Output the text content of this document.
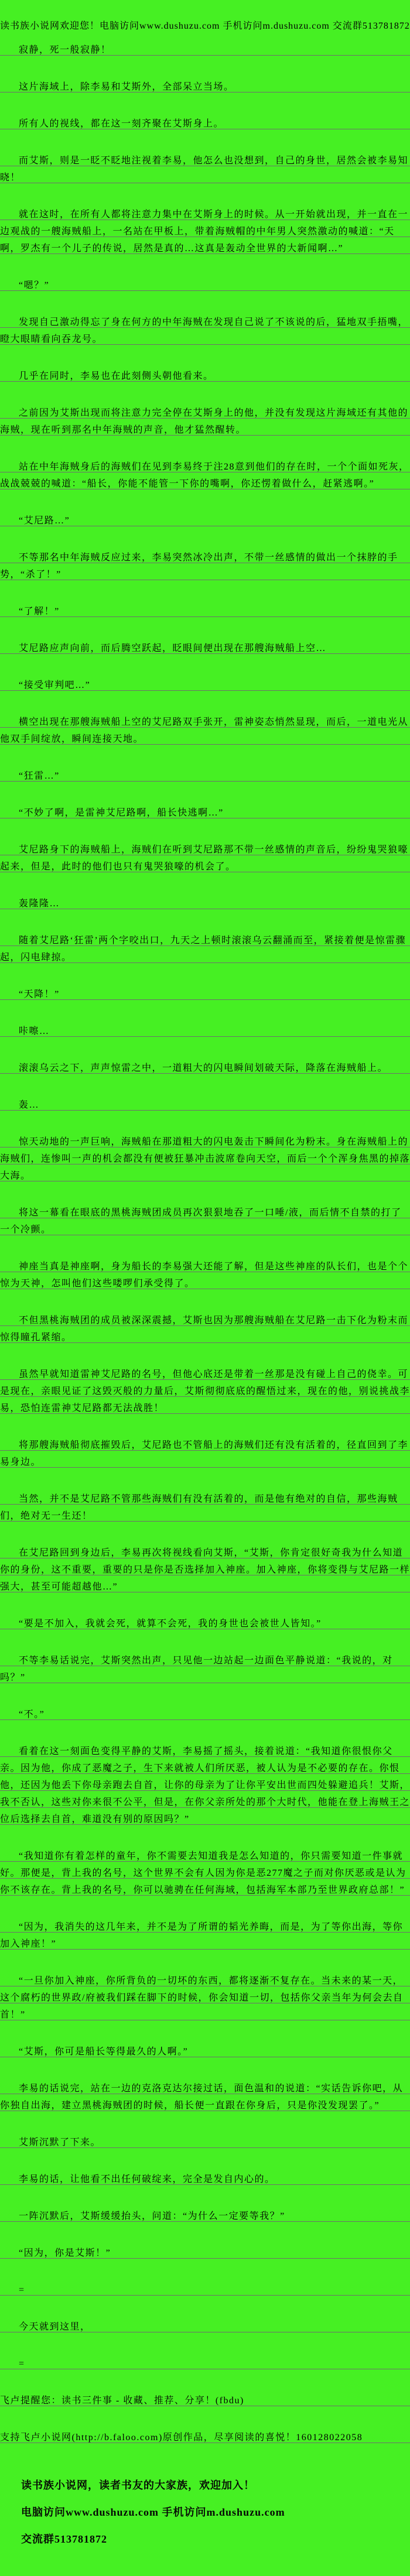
读书族小说网欢迎您！电脑访问www.dushuzu.com 手机访问m.dushuzu.com 交流群513781872

寂静，死一般寂静！

这片海域上，除李易和艾斯外，全部呆立当场。

所有人的视线，都在这一刻齐聚在艾斯身上。

而艾斯，则是一眨不眨地注视着李易，他怎么也没想到，自己的身世，居然会被李易知晓！

就在这时，在所有人都将注意力集中在艾斯身上的时候。从一开始就出现，并一直在一边观战的一艘海贼船上，一名站在甲板上，带着海贼帽的中年男人突然激动的喊道：“天啊，罗杰有一个儿子的传说，居然是真的…这真是轰动全世界的大新闻啊…”

“嗯？”

发现自己激动得忘了身在何方的中年海贼在发现自己说了不该说的后，猛地双手捂嘴，瞪大眼睛看向吞龙号。

几乎在同时，李易也在此刻侧头朝他看来。

之前因为艾斯出现而将注意力完全停在艾斯身上的他，并没有发现这片海域还有其他的海贼，现在听到那名中年海贼的声音，他才猛然醒转。

站在中年海贼身后的海贼们在见到李易终于注28意到他们的存在时，一个个面如死灰，战战兢兢的喊道：“船长，你能不能管一下你的嘴啊，你还愣着做什么，赶紧逃啊。”

“艾尼路…”

不等那名中年海贼反应过来，李易突然冰冷出声，不带一丝感情的做出一个抹脖的手势，“杀了！”

“了解！”

艾尼路应声向前，而后腾空跃起，眨眼间便出现在那艘海贼船上空…

“接受审判吧…”

横空出现在那艘海贼船上空的艾尼路双手张开，雷神姿态悄然显现，而后，一道电光从他双手间绽放，瞬间连接天地。

“狂雷…”

“不妙了啊，是雷神艾尼路啊，船长快逃啊…”

艾尼路身下的海贼船上，海贼们在听到艾尼路那不带一丝感情的声音后，纷纷鬼哭狼嚎起来，但是，此时的他们也只有鬼哭狼嚎的机会了。

轰隆隆…

随着艾尼路‘狂雷’两个字咬出口，九天之上顿时滚滚乌云翻涌而至，紧接着便是惊雷骤起，闪电肆掠。

“天降！”

咔嚓…

滚滚乌云之下，声声惊雷之中，一道粗大的闪电瞬间划破天际，降落在海贼船上。

轰…

惊天动地的一声巨响，海贼船在那道粗大的闪电轰击下瞬间化为粉末。身在海贼船上的海贼们，连惨叫一声的机会都没有便被狂暴冲击波席卷向天空，而后一个个浑身焦黑的掉落大海。

将这一幕看在眼底的黑桃海贼团成员再次狠狠地吞了一口唾/液，而后情不自禁的打了一个冷颤。

神座当真是神座啊，身为船长的李易强大还能了解，但是这些神座的队长们，也是个个惊为天神，怎叫他们这些喽啰们承受得了。

不但黑桃海贼团的成员被深深震撼，艾斯也因为那艘海贼船在艾尼路一击下化为粉末而惊得瞳孔紧缩。

虽然早就知道雷神艾尼路的名号，但他心底还是带着一丝那是没有碰上自己的侥幸。可是现在，亲眼见证了这毁灭般的力量后，艾斯彻彻底底的醒悟过来，现在的他，别说挑战李易，恐怕连雷神艾尼路都无法战胜！

将那艘海贼船彻底摧毁后，艾尼路也不管船上的海贼们还有没有活着的，径直回到了李易身边。

当然，并不是艾尼路不管那些海贼们有没有活着的，而是他有绝对的自信，那些海贼们，绝对无一生还！

在艾尼路回到身边后，李易再次将视线看向艾斯，“艾斯，你肯定很好奇我为什么知道你的身份，这不重要，重要的只是你是否选择加入神座。加入神座，你将变得与艾尼路一样强大，甚至可能超越他…”

“要是不加入，我就会死，就算不会死，我的身世也会被世人皆知。”

不等李易话说完，艾斯突然出声，只见他一边站起一边面色平静说道：“我说的，对吗？”

“不。”

看着在这一刻面色变得平静的艾斯，李易摇了摇头，接着说道：“我知道你很恨你父亲。因为他，你成了恶魔之子，生下来就被人们所厌恶，被人认为是不必要的存在。你恨他，还因为他丢下你母亲跑去自首，让你的母亲为了让你平安出世而四处躲避追兵！艾斯，我不否认，这些对你来很不公平，但是，在你父亲所处的那个大时代，他能在登上海贼王之位后选择去自首，难道没有别的原因吗？”

“我知道你有着怎样的童年，你不需要去知道我是怎么知道的，你只需要知道一件事就好。那便是，背上我的名号，这个世界不会有人因为你是恶277魔之子而对你厌恶或是认为你不该存在。背上我的名号，你可以驰骋在任何海域，包括海军本部乃至世界政府总部！”

“因为，我消失的这几年来，并不是为了所谓的韬光养晦，而是，为了等你出海，等你加入神座！”

“一旦你加入神座，你所背负的一切坏的东西，都将逐渐不复存在。当未来的某一天，这个腐朽的世界政/府被我们踩在脚下的时候，你会知道一切，包括你父亲当年为何会去自首！”

“艾斯，你可是船长等得最久的人啊。”

李易的话说完，站在一边的克洛克达尔接过话，面色温和的说道：“实话告诉你吧，从你独自出海，建立黑桃海贼团的时候，船长便一直跟在你身后，只是你没发现罢了。”

艾斯沉默了下来。

李易的话，让他看不出任何破绽来，完全是发自内心的。

一阵沉默后，艾斯缓缓抬头，问道：“为什么一定要等我？”

“因为，你是艾斯！”

=

今天就到这里，

=

飞卢提醒您：读书三件事 - 收藏、推荐、分享！(fbdu)

支持飞卢小说网(http://b.faloo.com)原创作品，尽享阅读的喜悦！160128022058

读书族小说网，读者书友的大家族，欢迎加入！

电脑访问www.dushuzu.com 手机访问m.dushuzu.com

交流群513781872
